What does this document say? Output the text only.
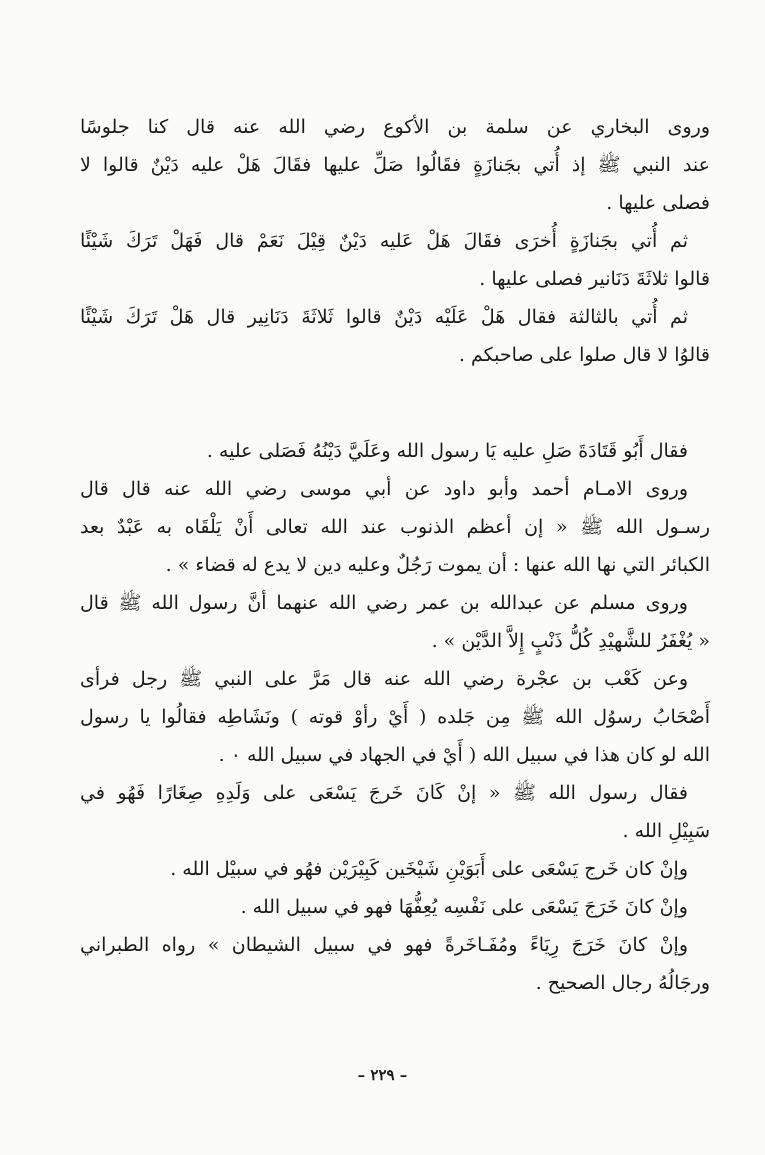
وروى البخاري عن سلمة بن الأكوع رضي الله عنه قال كنا جلوسًا
عند النبي ﷺ إذ أُتي بجَنازَةٍ فقَالُوا صَلِّ عليها فقَالَ هَلْ عليه دَيْنٌ قالوا لا
فصلى عليها .
ثم أُتي بجَنازَةٍ أُخرَى فقَالَ هَلْ عَليه دَيْنٌ قِيْلَ نَعَمْ قال فَهَلْ تَرَكَ شَيْئًا
قالوا ثلاثَةَ دَنَانير فصلى عليها .
ثم أُتي بالثالثة فقال هَلْ عَلَيْه دَيْنٌ قالوا ثَلاثَةَ دَنَانِير قال هَلْ تَرَكَ شَيْئًا
قالوُا لا قال صلوا على صاحبكم .
فقال أَبُو قَتَادَةَ صَلِ عليه يَا رسول الله وعَلَيَّ دَيْنُهُ فَصَلى عليه .
وروى الامـام أحمد وأبو داود عن أبي موسى رضي الله عنه قال قال
رسـول الله ﷺ « إن أعظم الذنوب عند الله تعالى أَنْ يَلْقَاه به عَبْدٌ بعد
الكبائر التي نها الله عنها : أن يموت رَجُلٌ وعليه دين لا يدع له قضاء » .
وروى مسلم عن عبدالله بن عمر رضي الله عنهما أنَّ رسول الله ﷺ قال
« يُغْفَرُ للشَّهيْدِ كُلُّ ذَنْبٍ إِلاَّ الدَّيْن » .
وعن كَعْب بن عجْرة رضي الله عنه قال مَرَّ على النبي ﷺ رجل فرأى
أَصْحَابُ رسوُل الله ﷺ مِن جَلده ( أَيْ رأوْ قوته ) ونَشَاطِه فقالُوا يا رسول
الله لو كان هذا في سبيل الله ( أَيْ في الجهاد في سبيل الله ٠ .
فقال رسول الله ﷺ « إنْ كَانَ خَرجَ يَسْعَى على وَلَدِهِ صِغَارًا فَهُو في
سَبِيْلِ الله .
وإنْ كان خَرج يَسْعَى على أَبَوَيْنِ شَيْخَين كَبِيْرَيْن فهُو في سبيْل الله .
وإنْ كانَ خَرَجَ يَسْعَى على نَفْسِه يُعِفُّهَا فهو في سبيل الله .
وإنْ كانَ خَرَجَ رِيَاءً ومُفَـاخَرةً فهو في سبيل الشيطان » رواه الطبراني
ورجَالُهُ رجال الصحيح .
– ٢٢٩ –
